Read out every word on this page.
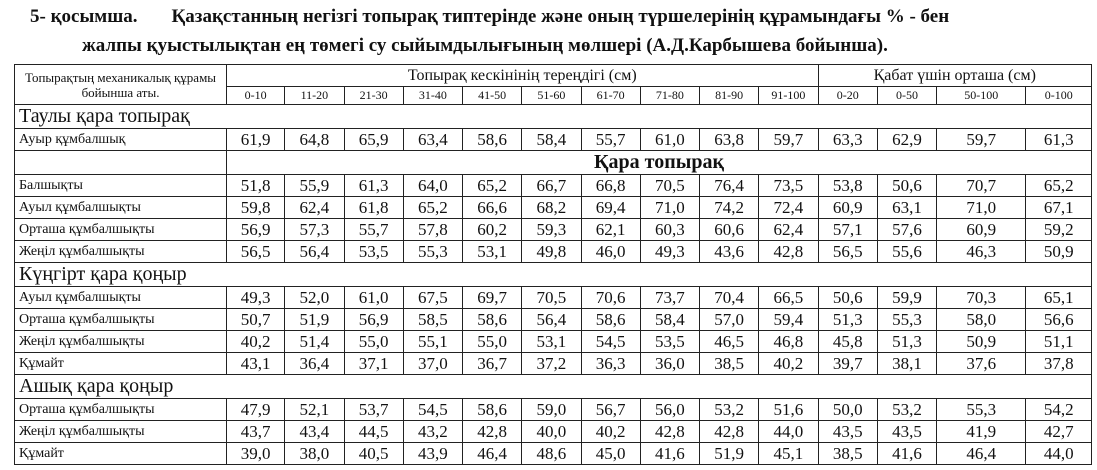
5- қосымша. Қазақстанның негізгі топырақ типтерінде және оның түршелерінің құрамындағы % - бен
жалпы қуыстылықтан ең төмегі су сыйымдылығының мөлшері (А.Д.Карбышева бойынша).
Топырақтың механикалық құрамы бойынша аты.	Топырақ кескінінің тереңдігі (см)										Қабат үшін орташа (см)			
	0-10	11-20	21-30	31-40	41-50	51-60	61-70	71-80	81-90	91-100	0-20	0-50	50-100	0-100
Таулы қара топырақ														
Ауыр құмбалшық	61,9	64,8	65,9	63,4	58,6	58,4	55,7	61,0	63,8	59,7	63,3	62,9	59,7	61,3
	Қара топырақ													
Балшықты	51,8	55,9	61,3	64,0	65,2	66,7	66,8	70,5	76,4	73,5	53,8	50,6	70,7	65,2
Ауыл құмбалшықты	59,8	62,4	61,8	65,2	66,6	68,2	69,4	71,0	74,2	72,4	60,9	63,1	71,0	67,1
Орташа құмбалшықты	56,9	57,3	55,7	57,8	60,2	59,3	62,1	60,3	60,6	62,4	57,1	57,6	60,9	59,2
Жеңіл құмбалшықты	56,5	56,4	53,5	55,3	53,1	49,8	46,0	49,3	43,6	42,8	56,5	55,6	46,3	50,9
Күңгірт қара қоңыр														
Ауыл құмбалшықты	49,3	52,0	61,0	67,5	69,7	70,5	70,6	73,7	70,4	66,5	50,6	59,9	70,3	65,1
Орташа құмбалшықты	50,7	51,9	56,9	58,5	58,6	56,4	58,6	58,4	57,0	59,4	51,3	55,3	58,0	56,6
Жеңіл құмбалшықты	40,2	51,4	55,0	55,1	55,0	53,1	54,5	53,5	46,5	46,8	45,8	51,3	50,9	51,1
Құмайт	43,1	36,4	37,1	37,0	36,7	37,2	36,3	36,0	38,5	40,2	39,7	38,1	37,6	37,8
Ашық қара қоңыр														
Орташа құмбалшықты	47,9	52,1	53,7	54,5	58,6	59,0	56,7	56,0	53,2	51,6	50,0	53,2	55,3	54,2
Жеңіл құмбалшықты	43,7	43,4	44,5	43,2	42,8	40,0	40,2	42,8	42,8	44,0	43,5	43,5	41,9	42,7
Құмайт	39,0	38,0	40,5	43,9	46,4	48,6	45,0	41,6	51,9	45,1	38,5	41,6	46,4	44,0
